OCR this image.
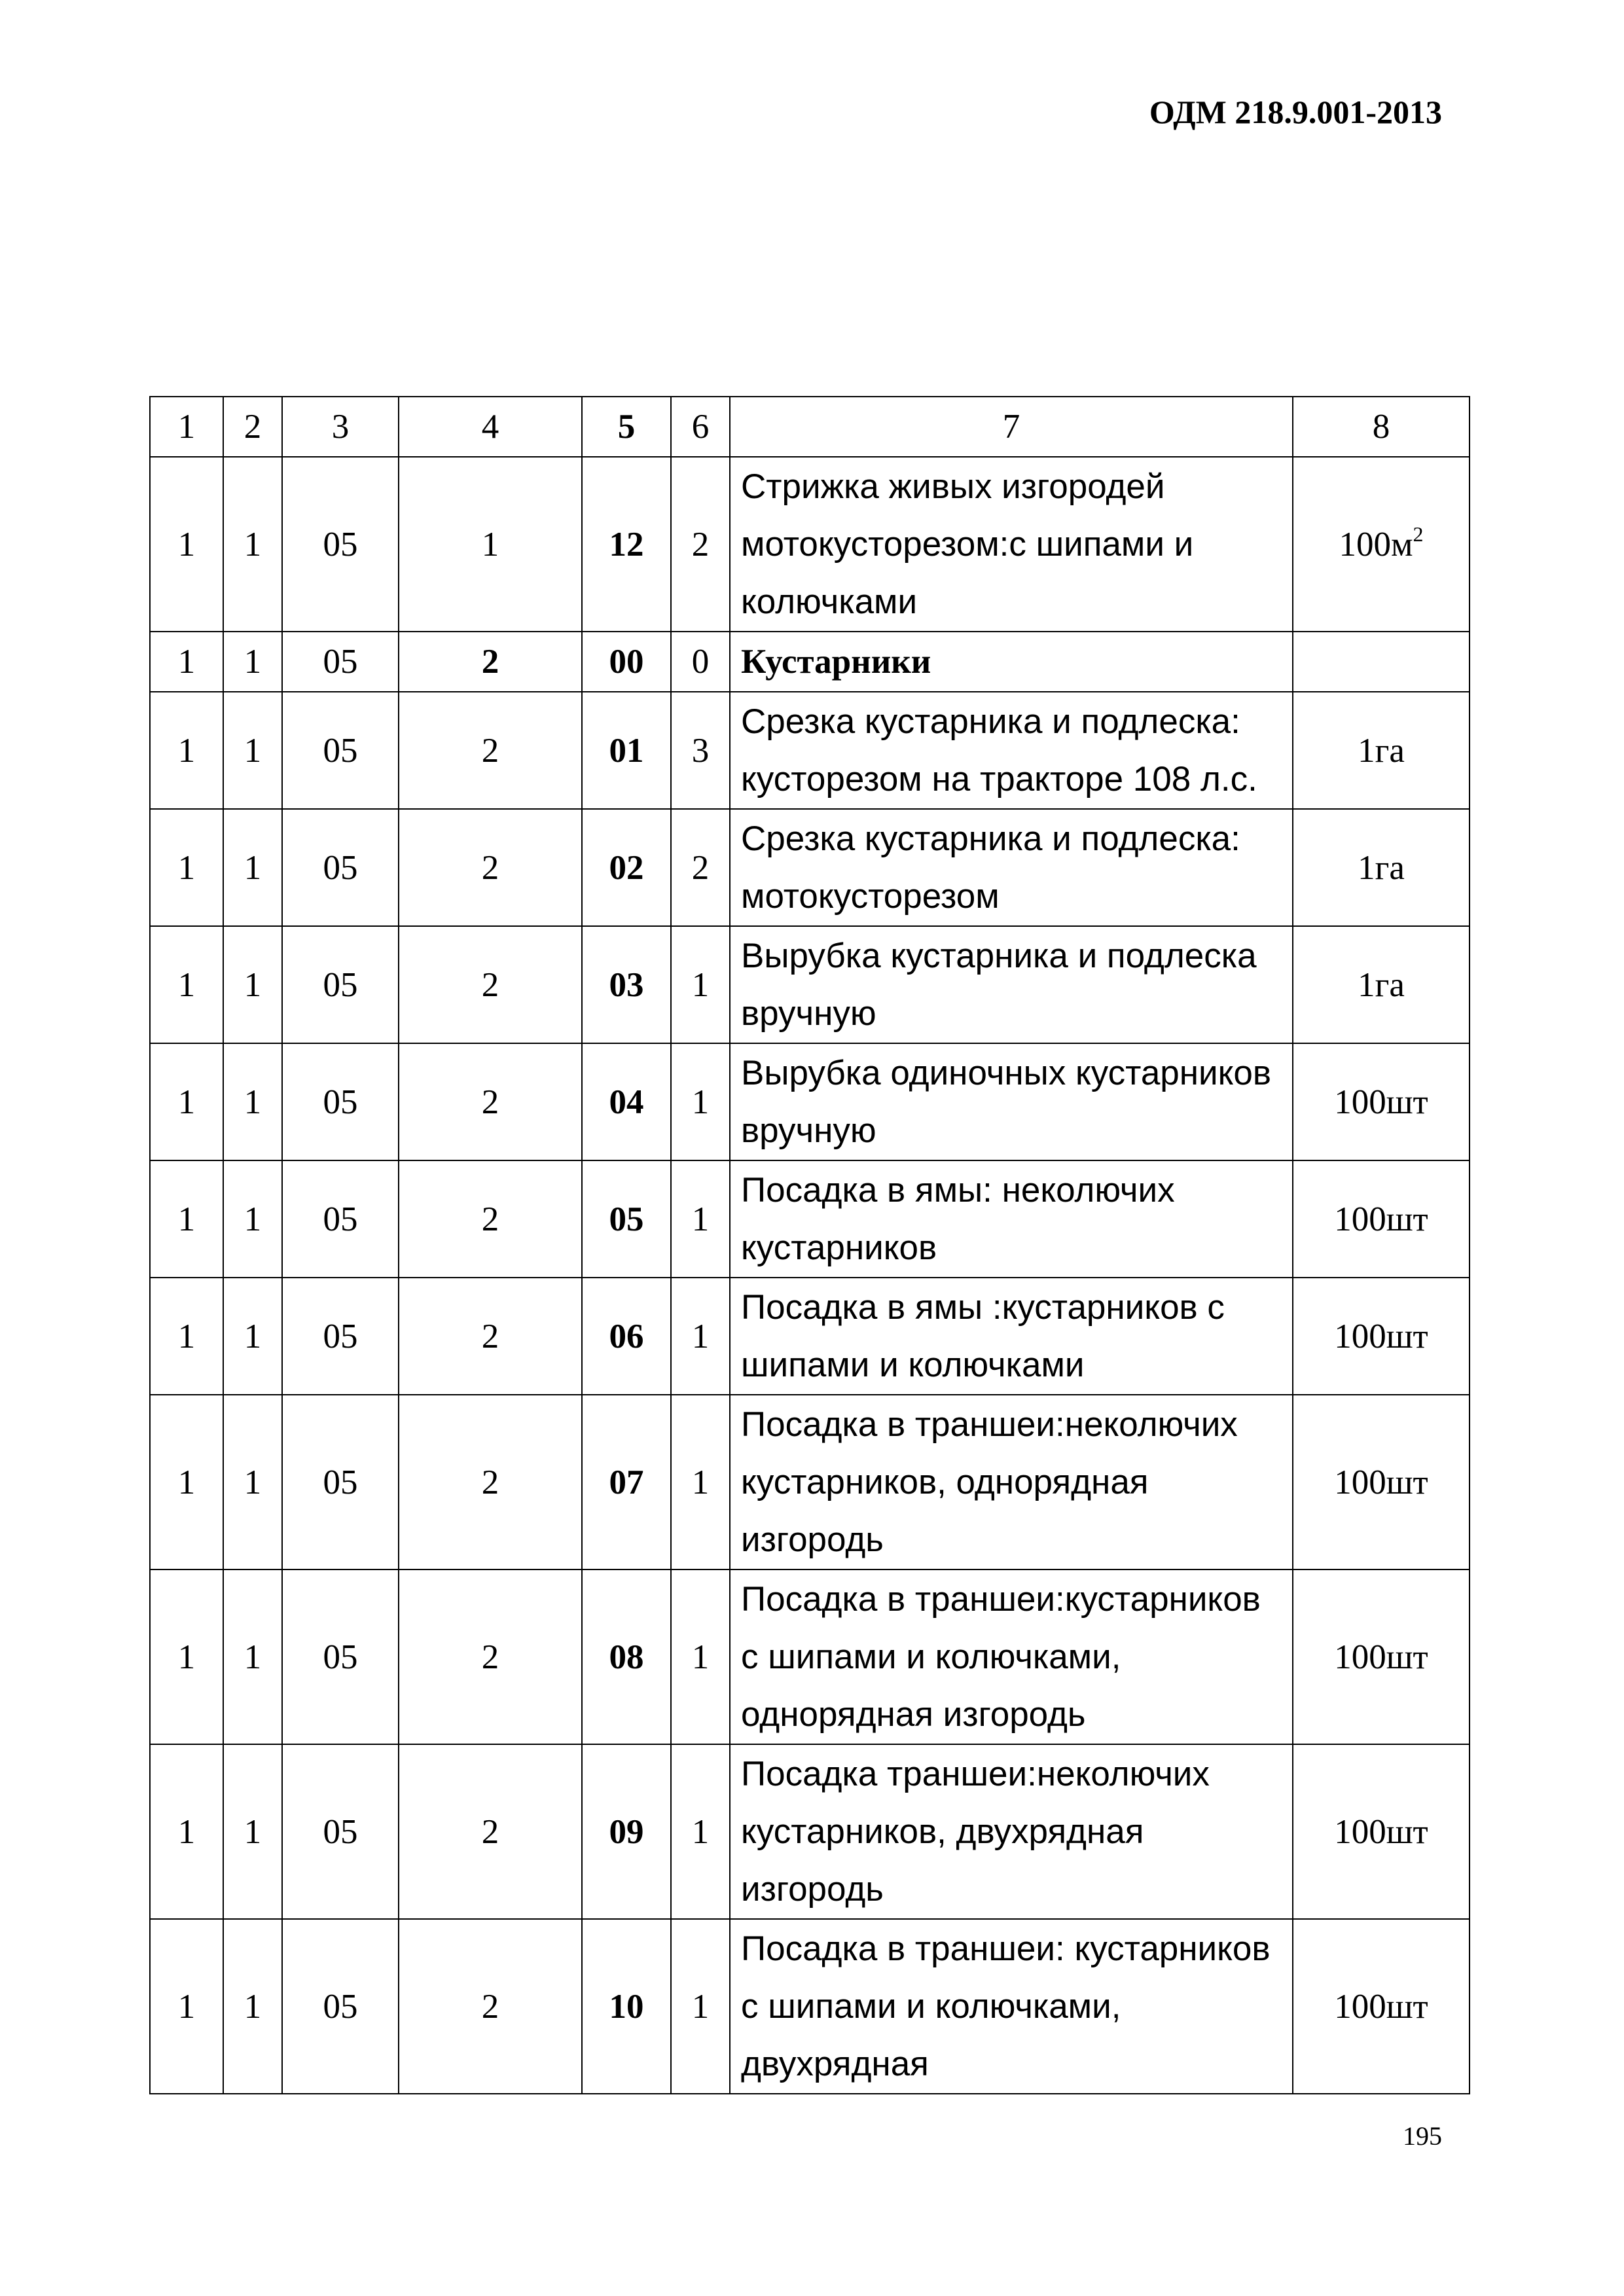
ОДМ 218.9.001-2013
1	2	3	4	5	6	7	8
1	1	05	1	12	2	Стрижка живых изгородей мотокусторезом:с шипами и колючками	$100м^2$
1	1	05	2	00	0	Кустарники	
1	1	05	2	01	3	Срезка кустарника и подлеска: кусторезом на тракторе 108 л.с.	1га
1	1	05	2	02	2	Срезка кустарника и подлеска: мотокусторезом	1га
1	1	05	2	03	1	Вырубка кустарника и подлеска вручную	1га
1	1	05	2	04	1	Вырубка одиночных кустарников вручную	100шт
1	1	05	2	05	1	Посадка в ямы: неколючих кустарников	100шт
1	1	05	2	06	1	Посадка в ямы :кустарников с шипами и колючками	100шт
1	1	05	2	07	1	Посадка в траншеи:неколючих кустарников, однорядная изгородь	100шт
1	1	05	2	08	1	Посадка в траншеи:кустарников с шипами и колючками, однорядная изгородь	100шт
1	1	05	2	09	1	Посадка траншеи:неколючих кустарников, двухрядная изгородь	100шт
1	1	05	2	10	1	Посадка в траншеи: кустарников с шипами и колючками, двухрядная	100шт
195
